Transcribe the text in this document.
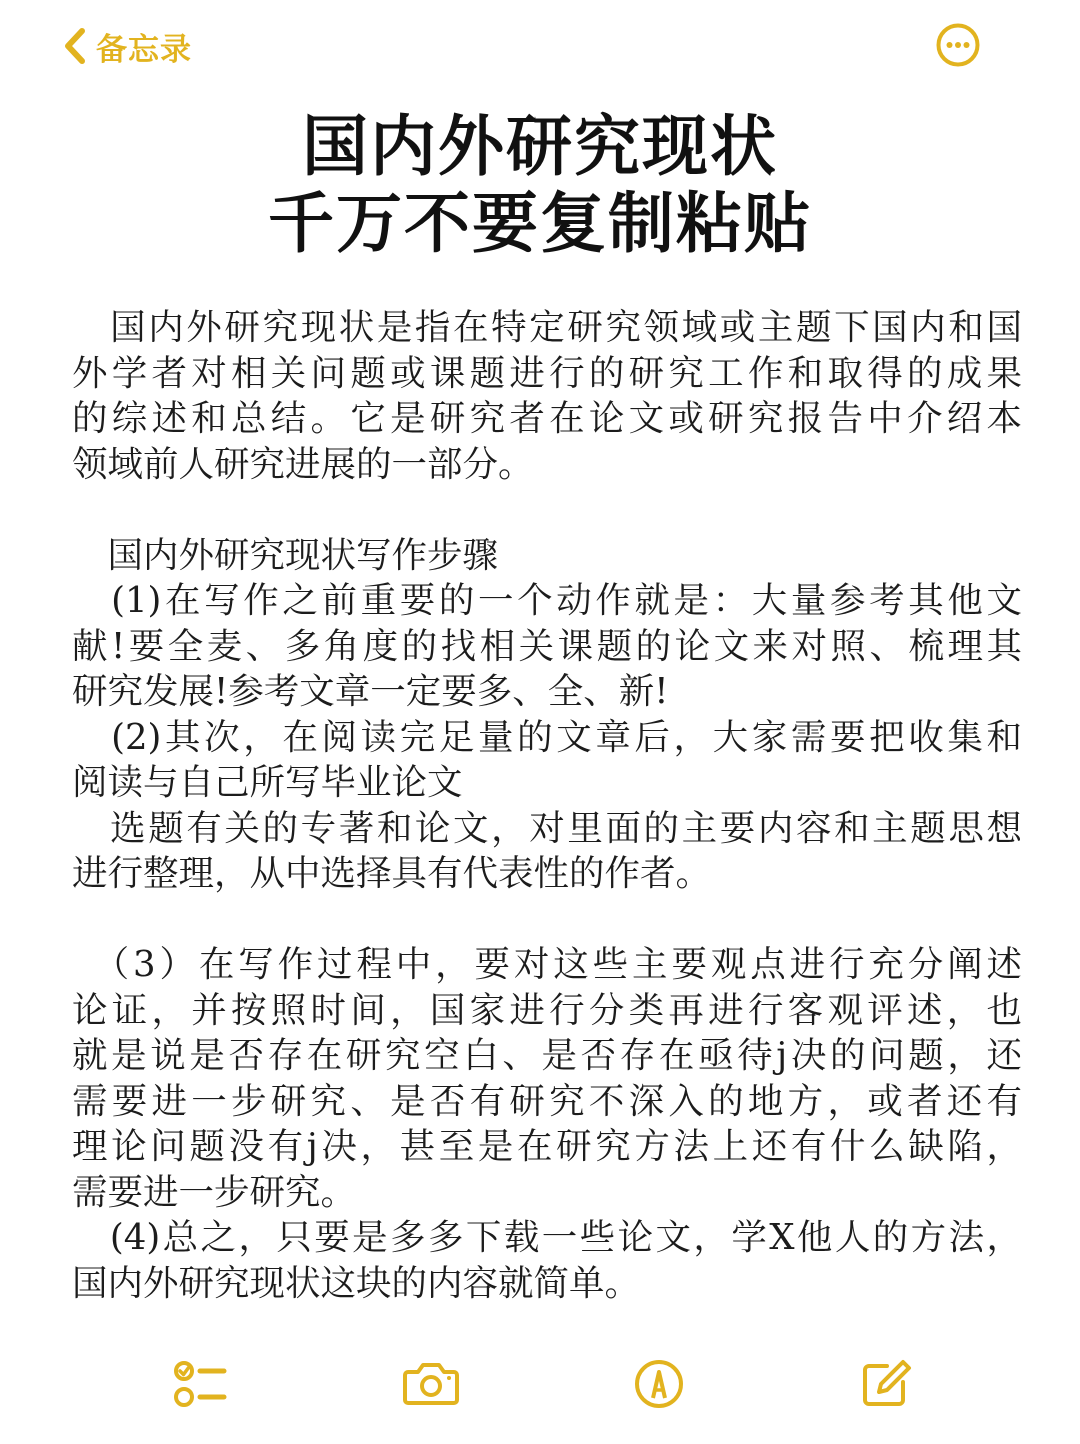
备忘录
国内外研究现状
千万不要复制粘贴
　国内外研究现状是指在特定研究领域或主题下国内和国
外学者对相关问题或课题进行的研究工作和取得的成果
的综述和总结。它是研究者在论文或研究报告中介绍本
领域前人研究进展的一部分。
　国内外研究现状写作步骤
　(1)在写作之前重要的一个动作就是：大量参考其他文
献!要全麦、多角度的找相关课题的论文来对照、梳理其
研究发展!参考文章一定要多、全、新!
　(2)其次，在阅读完足量的文章后，大家需要把收集和
阅读与自己所写毕业论文
　选题有关的专著和论文，对里面的主要内容和主题思想
进行整理，从中选择具有代表性的作者。
　（3）在写作过程中，要对这些主要观点进行充分阐述
论证，并按照时间，国家进行分类再进行客观评述，也
就是说是否存在研究空白、是否存在亟待j决的问题，还
需要进一步研究、是否有研究不深入的地方，或者还有
理论问题没有j决，甚至是在研究方法上还有什么缺陷，
需要进一步研究。
　(4)总之，只要是多多下载一些论文，学X他人的方法，
国内外研究现状这块的内容就简单。
